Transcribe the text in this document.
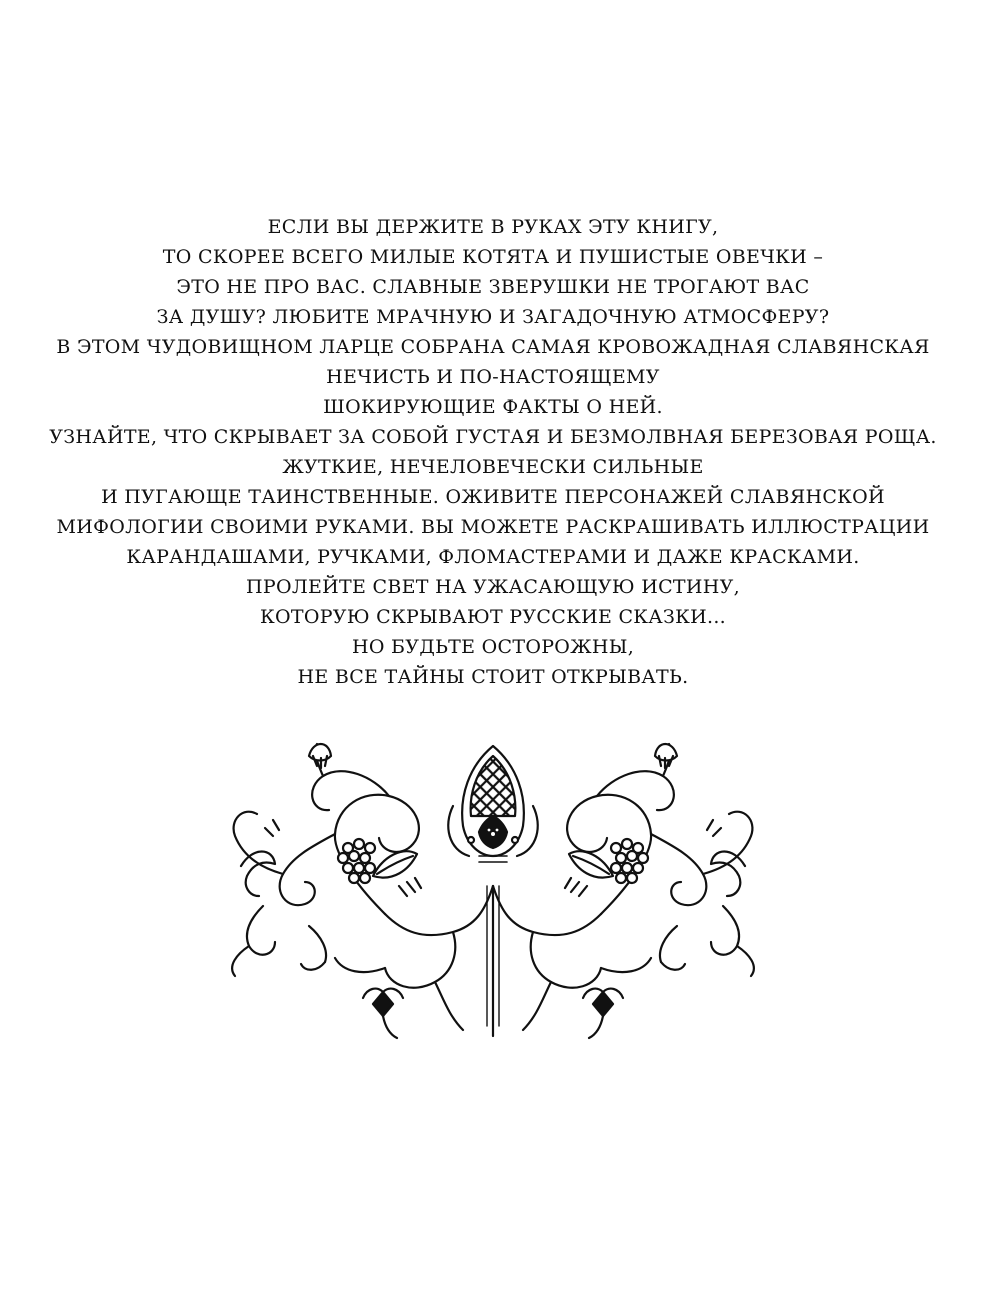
ЕСЛИ ВЫ ДЕРЖИТЕ В РУКАХ ЭТУ КНИГУ,
ТО СКОРЕЕ ВСЕГО МИЛЫЕ КОТЯТА И ПУШИСТЫЕ ОВЕЧКИ –
ЭТО НЕ ПРО ВАС. СЛАВНЫЕ ЗВЕРУШКИ НЕ ТРОГАЮТ ВАС
ЗА ДУШУ? ЛЮБИТЕ МРАЧНУЮ И ЗАГАДОЧНУЮ АТМОСФЕРУ?
В ЭТОМ ЧУДОВИЩНОМ ЛАРЦЕ СОБРАНА САМАЯ КРОВОЖАДНАЯ СЛАВЯНСКАЯ
НЕЧИСТЬ И ПО-НАСТОЯЩЕМУ
ШОКИРУЮЩИЕ ФАКТЫ О НЕЙ.
УЗНАЙТЕ, ЧТО СКРЫВАЕТ ЗА СОБОЙ ГУСТАЯ И БЕЗМОЛВНАЯ БЕРЕЗОВАЯ РОЩА.
ЖУТКИЕ, НЕЧЕЛОВЕЧЕСКИ СИЛЬНЫЕ
И ПУГАЮЩЕ ТАИНСТВЕННЫЕ. ОЖИВИТЕ ПЕРСОНАЖЕЙ СЛАВЯНСКОЙ
МИФОЛОГИИ СВОИМИ РУКАМИ. ВЫ МОЖЕТЕ РАСКРАШИВАТЬ ИЛЛЮСТРАЦИИ
КАРАНДАШАМИ, РУЧКАМИ, ФЛОМАСТЕРАМИ И ДАЖЕ КРАСКАМИ.
ПРОЛЕЙТЕ СВЕТ НА УЖАСАЮЩУЮ ИСТИНУ,
КОТОРУЮ СКРЫВАЮТ РУССКИЕ СКАЗКИ...
НО БУДЬТЕ ОСТОРОЖНЫ,
НЕ ВСЕ ТАЙНЫ СТОИТ ОТКРЫВАТЬ.
